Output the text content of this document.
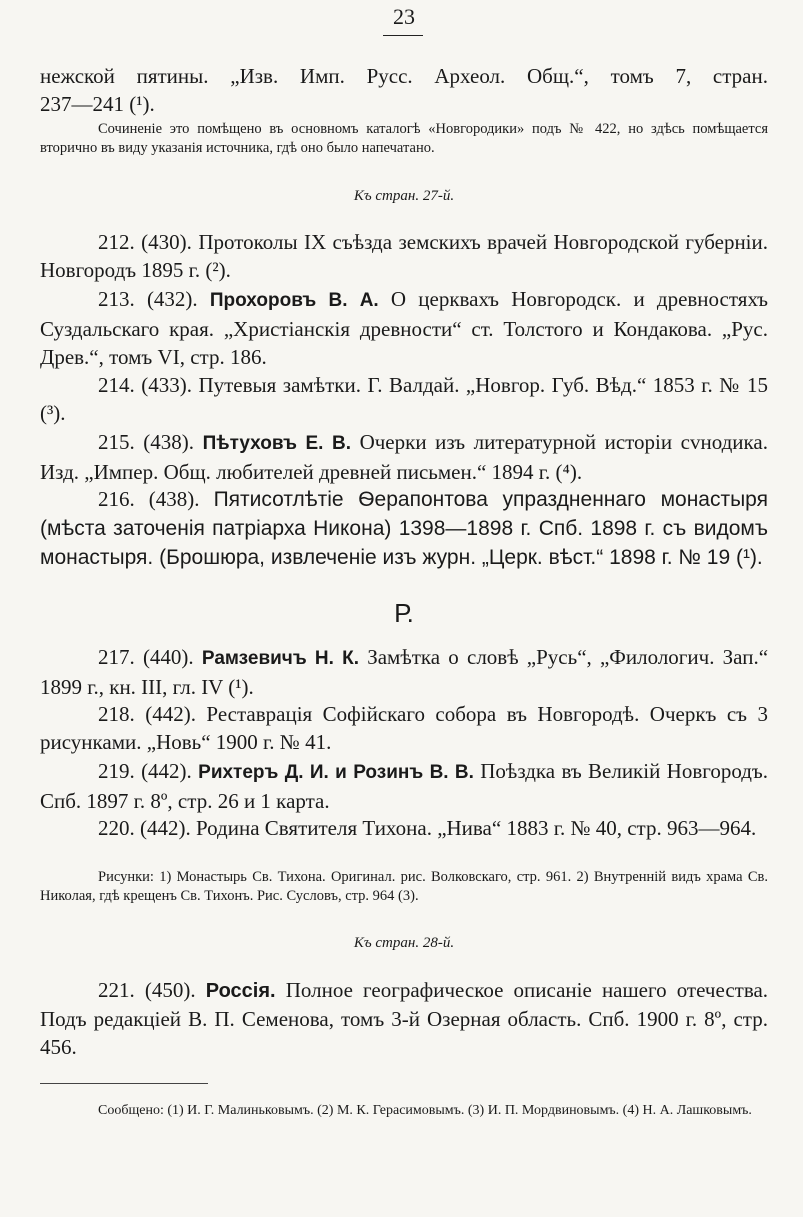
23
нежской пятины. „Изв. Имп. Русс. Археол. Общ.“, томъ 7, стран.
237—241 (¹).
Сочиненіе это помѣщено въ основномъ каталогѣ «Новгородики» подъ № 422, но здѣсь помѣщается вторично въ виду указанія источника, гдѣ оно было напечатано.
Къ стран. 27-й.
212. (430). Протоколы IX съѣзда земскихъ врачей Новгородской губерніи. Новгородъ 1895 г. (²).
213. (432). Прохоровъ В. А. О церквахъ Новгородск. и древностяхъ Суздальскаго края. „Христіанскія древности“ ст. Толстого и Кондакова. „Рус. Древ.“, томъ VI, стр. 186.
214. (433). Путевыя замѣтки. Г. Валдай. „Новгор. Губ. Вѣд.“ 1853 г. № 15 (³).
215. (438). Пѣтуховъ Е. В. Очерки изъ литературной исторіи сvнодика. Изд. „Импер. Общ. любителей древней письмен.“ 1894 г. (⁴).
216. (438). Пятисотлѣтіе Ѳерапонтова упраздненнаго монастыря (мѣста заточенія патріарха Никона) 1398—1898 г. Спб. 1898 г. съ видомъ монастыря. (Брошюра, извлеченіе изъ журн. „Церк. вѣст.“ 1898 г. № 19 (¹).
Р.
217. (440). Рамзевичъ Н. К. Замѣтка о словѣ „Русь“, „Филологич. Зап.“ 1899 г., кн. III, гл. IV (¹).
218. (442). Реставрація Софійскаго собора въ Новгородѣ. Очеркъ съ 3 рисунками. „Новь“ 1900 г. № 41.
219. (442). Рихтеръ Д. И. и Розинъ В. В. Поѣздка въ Великій Новгородъ. Спб. 1897 г. 8º, стр. 26 и 1 карта.
220. (442). Родина Святителя Тихона. „Нива“ 1883 г. № 40, стр. 963—964.
Рисунки: 1) Монастырь Св. Тихона. Оригинал. рис. Волковскаго, стр. 961. 2) Внутренній видъ храма Св. Николая, гдѣ крещенъ Св. Тихонъ. Рис. Сусловъ, стр. 964 (3).
Къ стран. 28-й.
221. (450). Россія. Полное географическое описаніе нашего отечества. Подъ редакціей В. П. Семенова, томъ 3-й Озерная область. Спб. 1900 г. 8º, стр. 456.
Сообщено: (1) И. Г. Малиньковымъ. (2) М. К. Герасимовымъ. (3) И. П. Мордвиновымъ. (4) Н. А. Лашковымъ.
